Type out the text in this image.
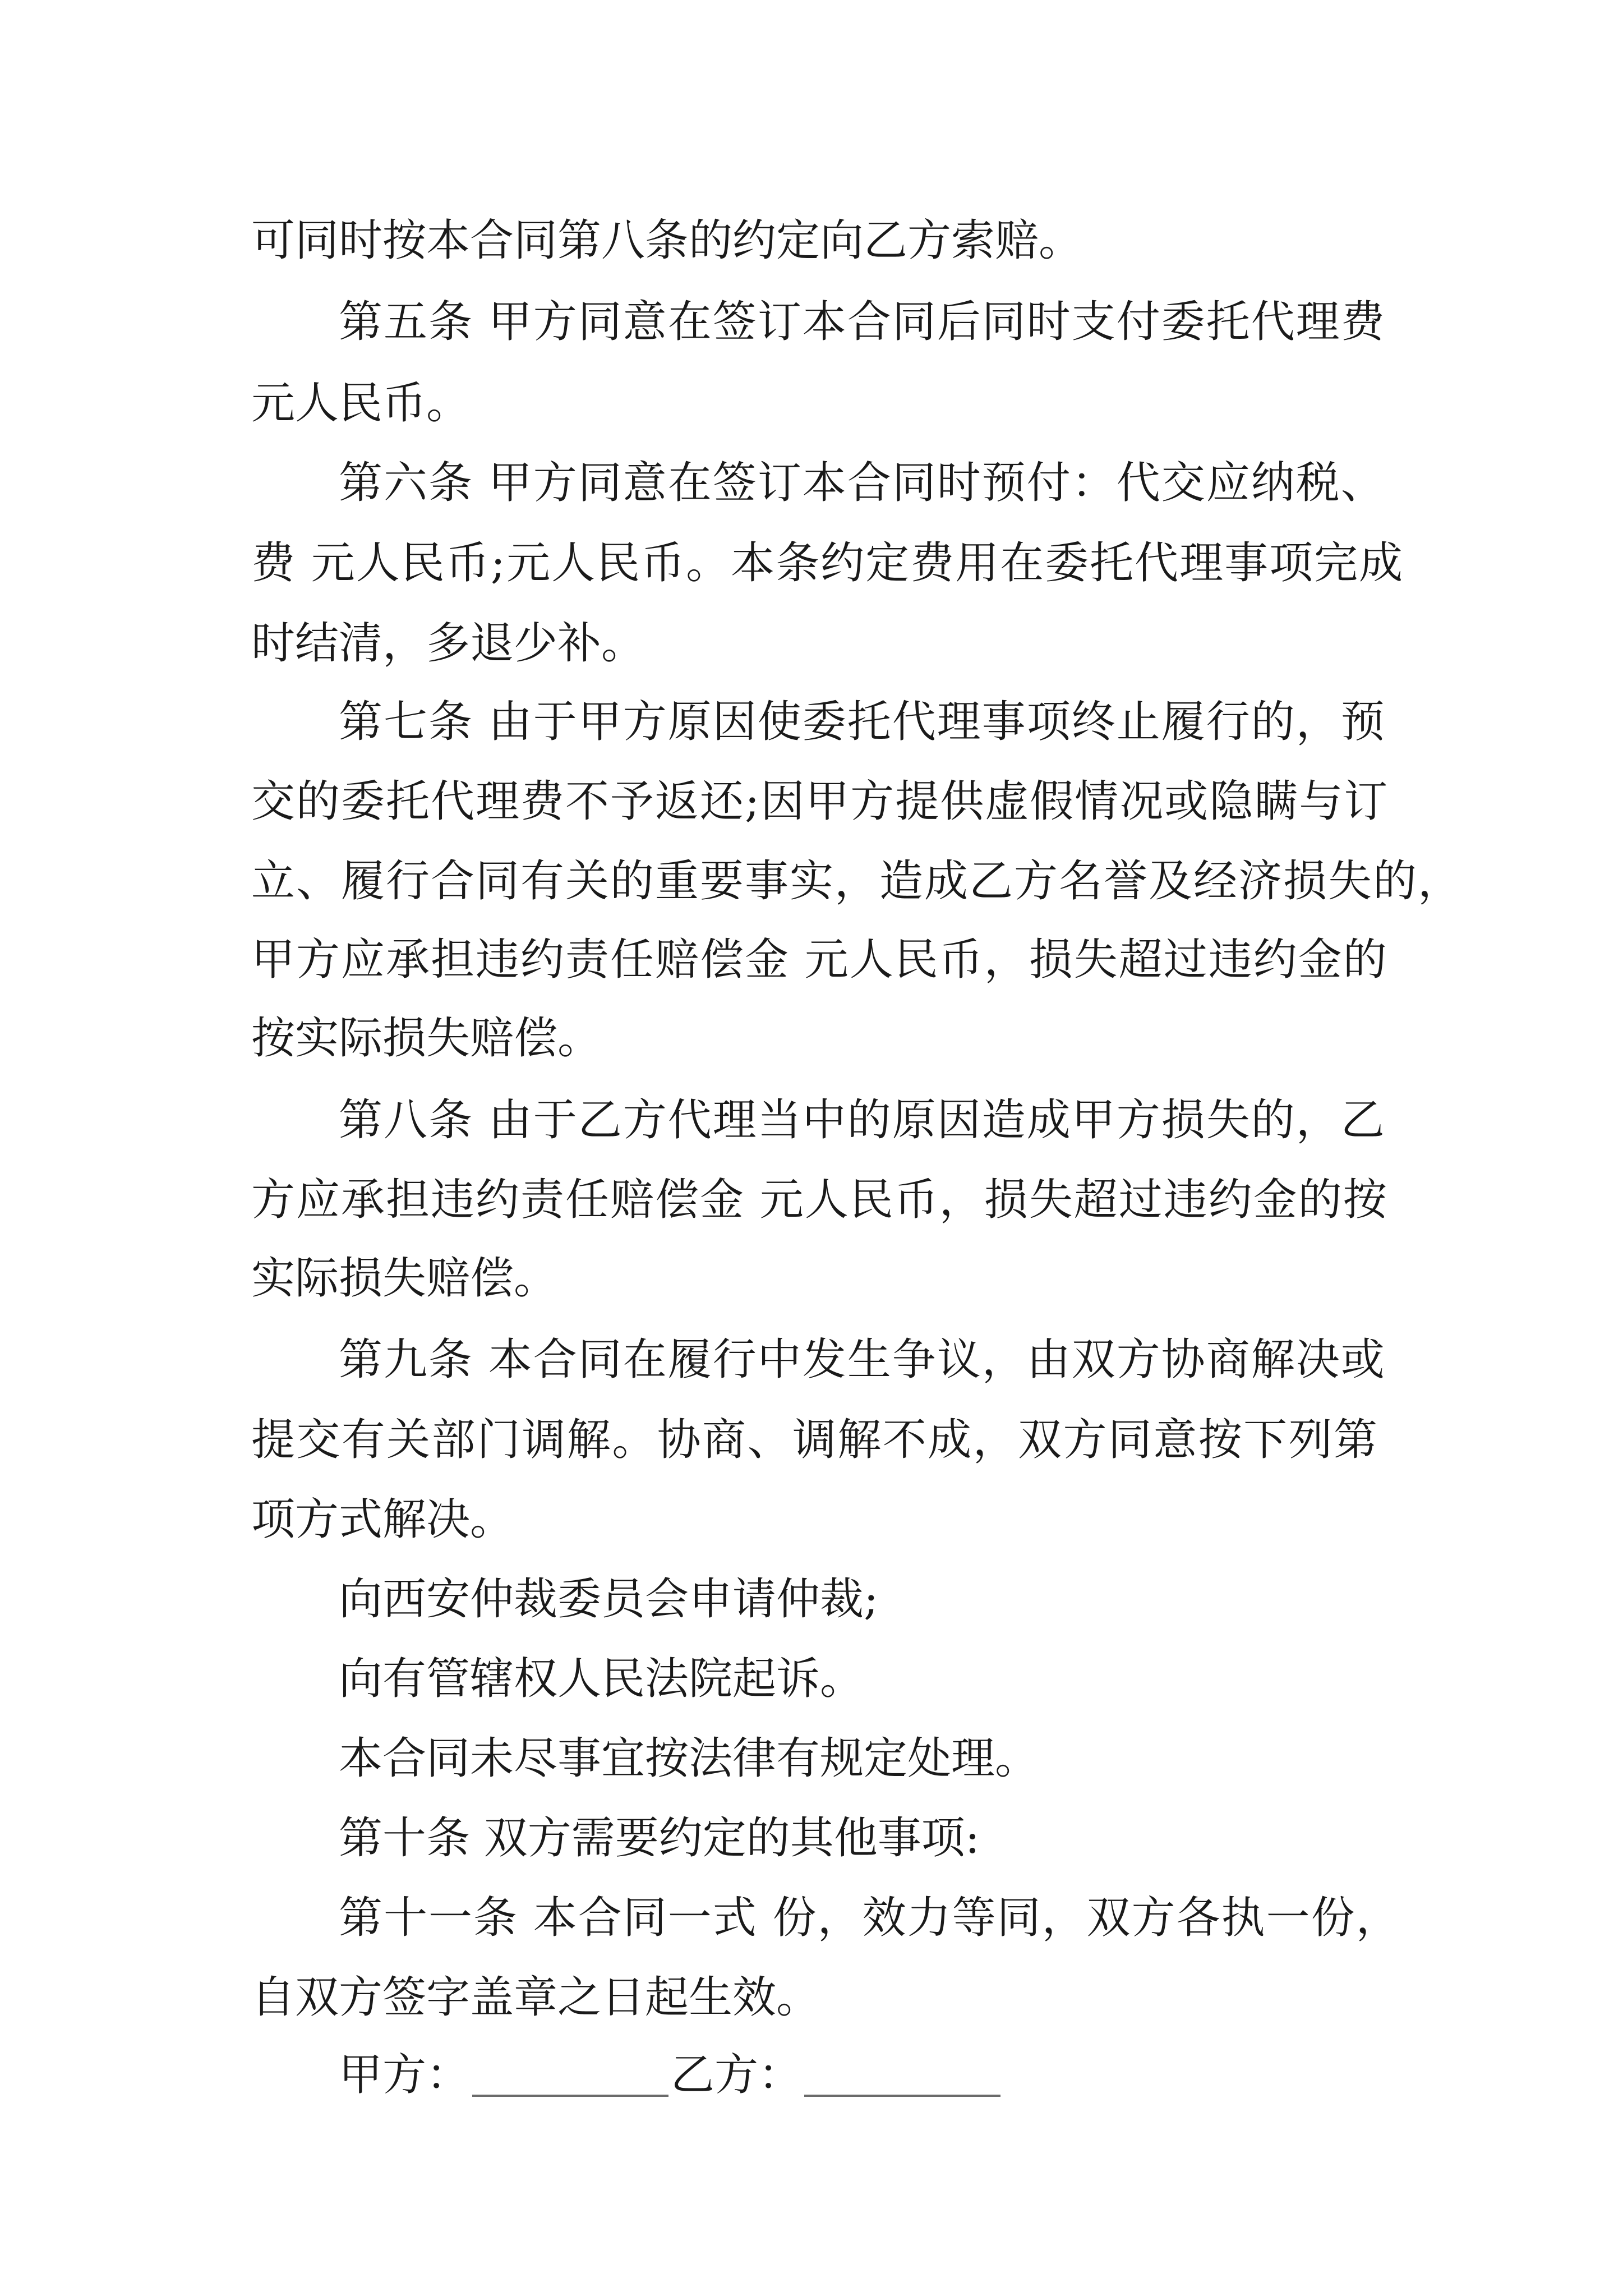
可同时按本合同第八条的约定向乙方索赔。

第五条 甲方同意在签订本合同后同时支付委托代理费

元人民币。

第六条 甲方同意在签订本合同时预付：代交应纳税、

费 元人民币;元人民币。本条约定费用在委托代理事项完成

时结清，多退少补。

第七条 由于甲方原因使委托代理事项终止履行的，预

交的委托代理费不予返还;因甲方提供虚假情况或隐瞒与订

立、履行合同有关的重要事实，造成乙方名誉及经济损失的，

甲方应承担违约责任赔偿金 元人民币，损失超过违约金的

按实际损失赔偿。

第八条 由于乙方代理当中的原因造成甲方损失的，乙

方应承担违约责任赔偿金 元人民币，损失超过违约金的按

实际损失赔偿。

第九条 本合同在履行中发生争议，由双方协商解决或

提交有关部门调解。协商、调解不成，双方同意按下列第

项方式解决。

向西安仲裁委员会申请仲裁;

向有管辖权人民法院起诉。

本合同未尽事宜按法律有规定处理。

第十条 双方需要约定的其他事项:

第十一条 本合同一式 份，效力等同，双方各执一份，

自双方签字盖章之日起生效。

甲方：	乙方：
